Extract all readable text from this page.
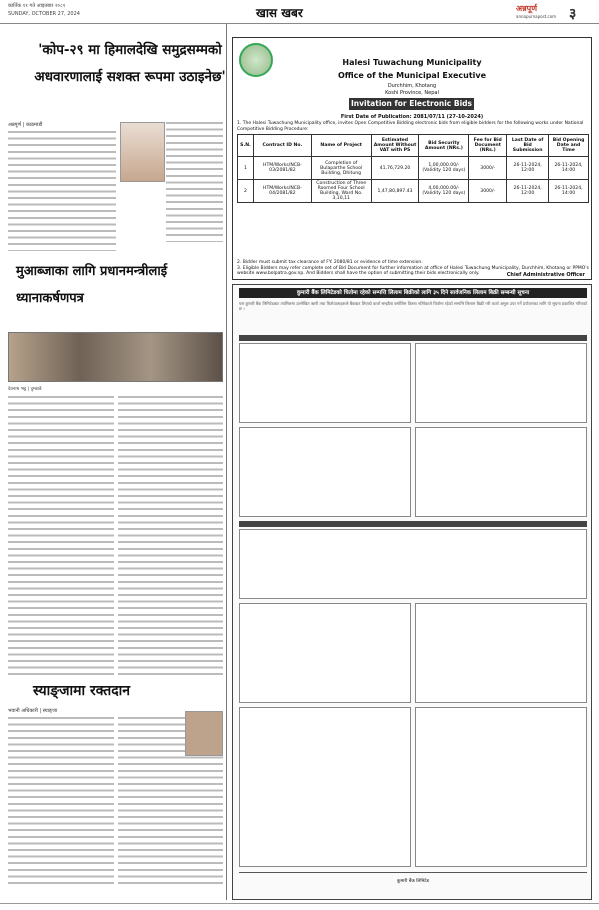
कार्तिक ११ गते आइतबार २०८१
SUNDAY, OCTOBER 27, 2024	खास खबर	अन्नपूर्ण
annapurnapost.com ३
'कोप-२९ मा हिमालदेखि समुद्रसम्मको अधवारणालाई सशक्त रूपमा उठाइनेछ'
अन्नपूर्ण | काठमाडौं
मुआब्जाका लागि प्रधानमन्त्रीलाई ध्यानाकर्षणपत्र
देवनाथ भट्ट | दुम्काडे
स्याङ्जामा रक्तदान
भवानी अधिकारी | स्याङ्जा
Halesi Tuwachung Municipality
Office of the Municipal Executive
Durchhim, Khotang
Koshi Province, Nepal
Invitation for Electronic Bids
First Date of Publication: 2081/07/11 (27-10-2024)
1. The Halesi Tuwachung Municipality office, invites Open Competitive Bidding electronic bids from eligible bidders for the following works under National Competitive Bidding Procedure:
S.N.	Contract ID No.	Name of Project	Estimated Amount Without VAT with PS	Bid Security Amount (NRs.)	Fee for Bid Document (NRs.)	Last Date of Bid Submission	Bid Opening Date and Time
1	HTM/Works/NCB-03/2081/82	Completion of Bulaparthe School Building, Dhitung	41,76,729.20	1,00,000.00/- (Validity 120 days)	3000/-	26-11-2024, 12:00	26-11-2024, 14:00
2	HTM/Works/NCB-04/2081/82	Construction of Three Roomed Four School Building, Ward No. 3,10,11	1,47,80,897.43	4,00,000.00/- (Validity 120 days)	3000/-	26-11-2024, 12:00	26-11-2024, 14:00
2. Bidder must submit tax clearance of FY: 2080/81 or evidence of time extension.
3. Eligible Bidders may refer complete set of Bid Document for further information at office of Halesi Tuwachung Municipality, Durchhim, Khotang or PPMO's website www.bolpatra.gov.np. And Bidders shall have the option of submitting their bids electronically only.	Chief Administrative Officer
कुमारी बैंक लिमिटेडको धितोमा रहेको सम्पत्ति लिलाम बिक्रीको लागि ३५ दिने सार्वजनिक लिलाम बिक्री सम्बन्धी सूचना
यस कुमारी बैंक लिमिटेडबाट तपसिलमा उल्लेखित ऋणी तथा धितोवालाहरूले बैंकबाट लिएको कर्जा सम्झौता बमोजिम किस्ता नतिरेकाले धितोमा रहेको सम्पत्ति लिलाम बिक्री गरी कर्जा असुल उपर गर्ने प्रयोजनका लागि यो सूचना प्रकाशित गरिएको छ ।
कुमारी बैंक लिमिटेड
